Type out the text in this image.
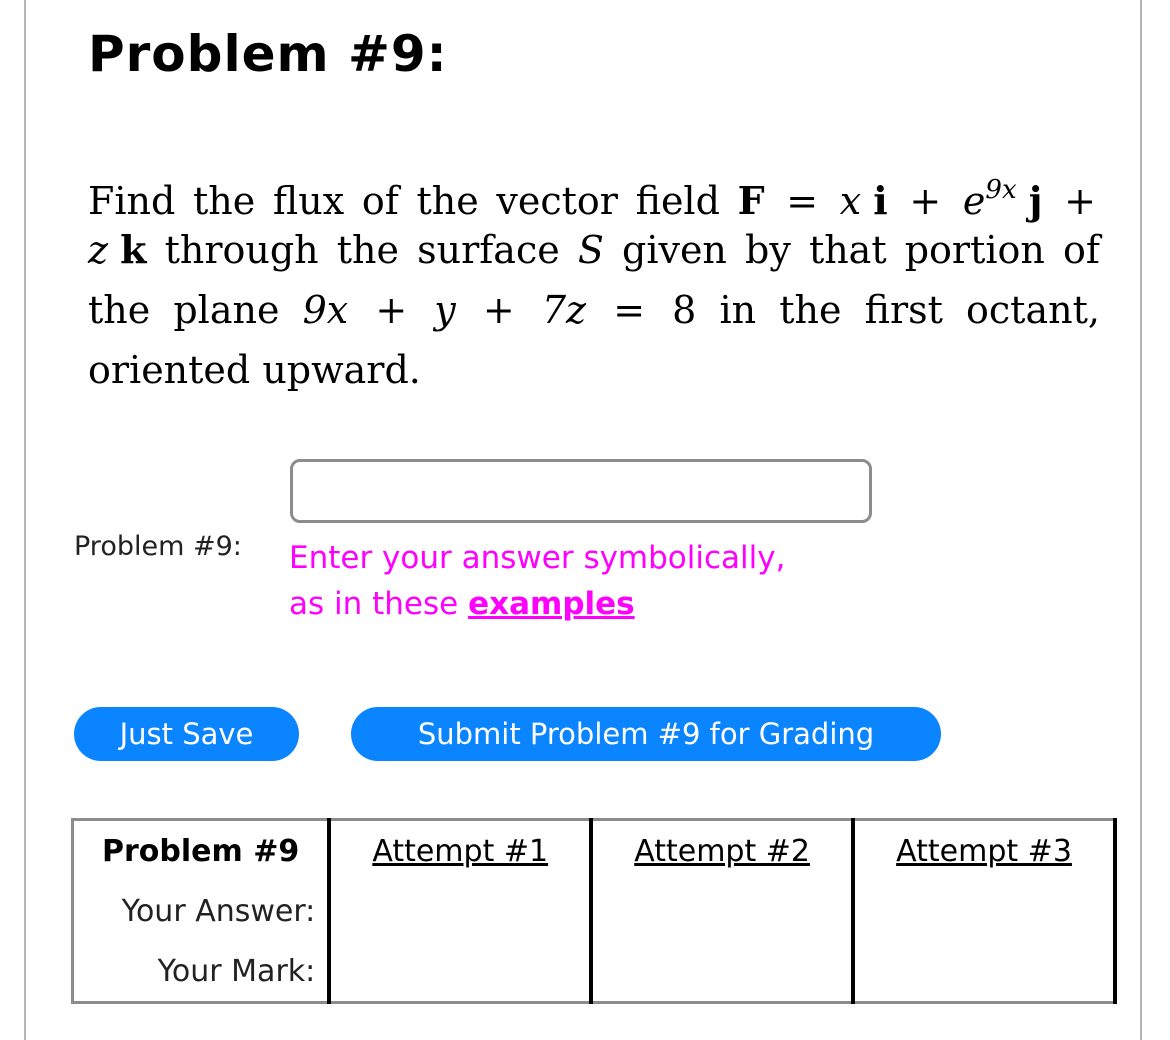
Problem #9:
Find the flux of the vector field F = x $i + e^{9x}$ j +
z k through the surface S given by that portion of
the plane 9x + y + 7z = 8 in the first octant,
oriented upward.
Problem #9: Enter your answer symbolically,
as in these examples
Just Save	Submit Problem #9 for Grading
Problem #9	Attempt #1	Attempt #2	Attempt #3
Your Answer:			
Your Mark:			
